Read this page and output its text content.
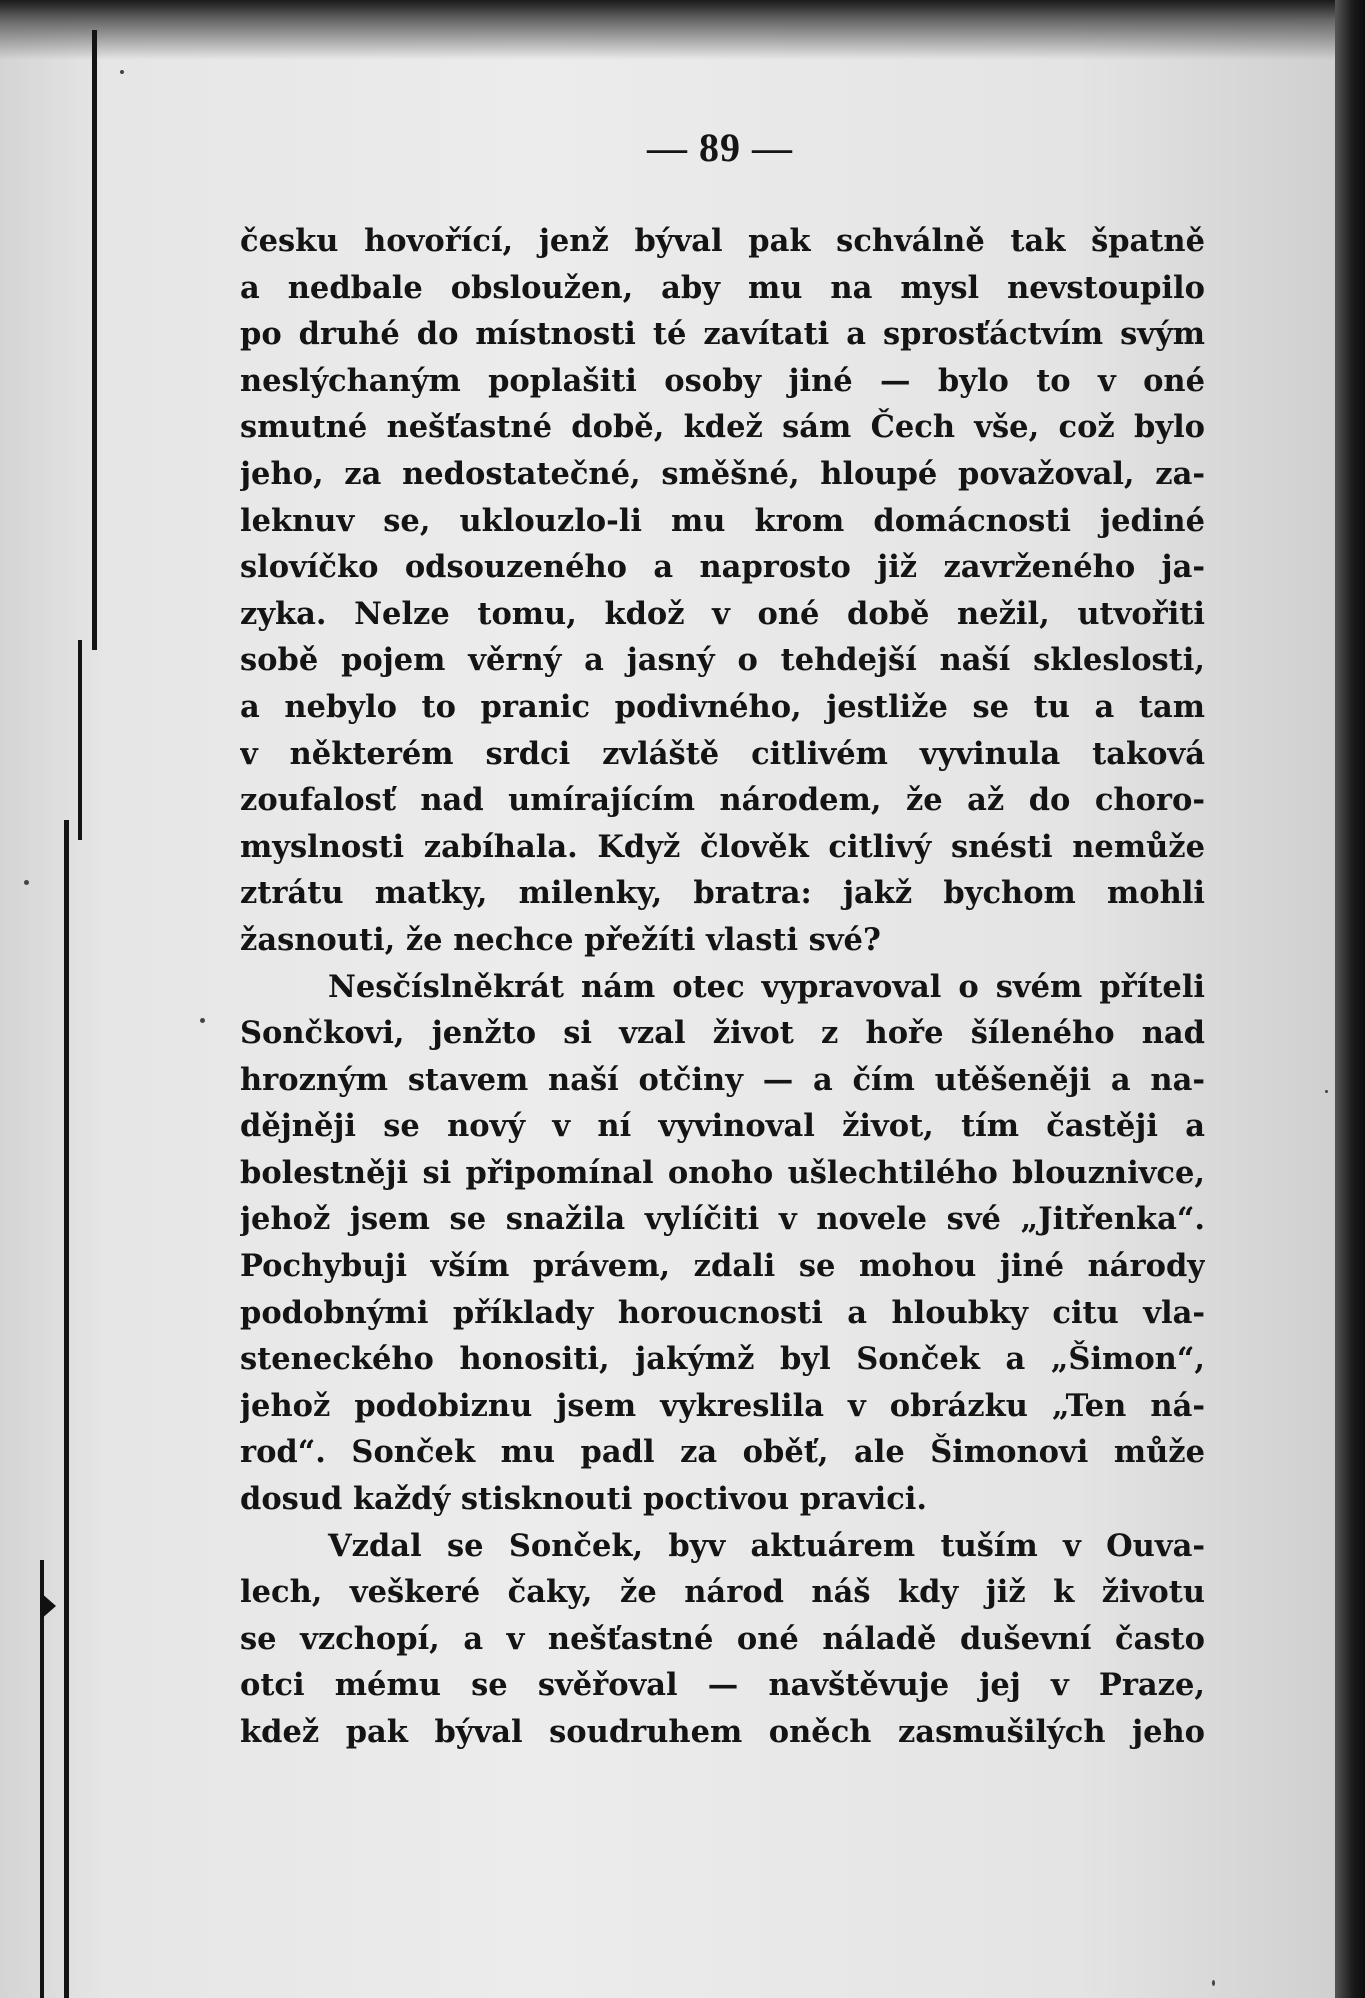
— 89 —
česku hovořící, jenž býval pak schválně tak špatně
a nedbale obsloužen, aby mu na mysl nevstoupilo
po druhé do místnosti té zavítati a sprosťáctvím svým
neslýchaným poplašiti osoby jiné — bylo to v oné
smutné nešťastné době, kdež sám Čech vše, což bylo
jeho, za nedostatečné, směšné, hloupé považoval, za-
leknuv se, uklouzlo-li mu krom domácnosti jediné
slovíčko odsouzeného a naprosto již zavrženého ja-
zyka. Nelze tomu, kdož v oné době nežil, utvořiti
sobě pojem věrný a jasný o tehdejší naší skleslosti,
a nebylo to pranic podivného, jestliže se tu a tam
v některém srdci zvláště citlivém vyvinula taková
zoufalosť nad umírajícím národem, že až do choro-
myslnosti zabíhala. Když člověk citlivý snésti nemůže
ztrátu matky, milenky, bratra: jakž bychom mohli
žasnouti, že nechce přežíti vlasti své?
Nesčíslněkrát nám otec vypravoval o svém příteli
Sončkovi, jenžto si vzal život z hoře šíleného nad
hrozným stavem naší otčiny — a čím utěšeněji a na-
dějněji se nový v ní vyvinoval život, tím častěji a
bolestněji si připomínal onoho ušlechtilého blouznivce,
jehož jsem se snažila vylíčiti v novele své „Jitřenka“.
Pochybuji vším právem, zdali se mohou jiné národy
podobnými příklady horoucnosti a hloubky citu vla-
steneckého honositi, jakýmž byl Sonček a „Šimon“,
jehož podobiznu jsem vykreslila v obrázku „Ten ná-
rod“. Sonček mu padl za oběť, ale Šimonovi může
dosud každý stisknouti poctivou pravici.
Vzdal se Sonček, byv aktuárem tuším v Ouva-
lech, veškeré čaky, že národ náš kdy již k životu
se vzchopí, a v nešťastné oné náladě duševní často
otci mému se svěřoval — navštěvuje jej v Praze,
kdež pak býval soudruhem oněch zasmušilých jeho
